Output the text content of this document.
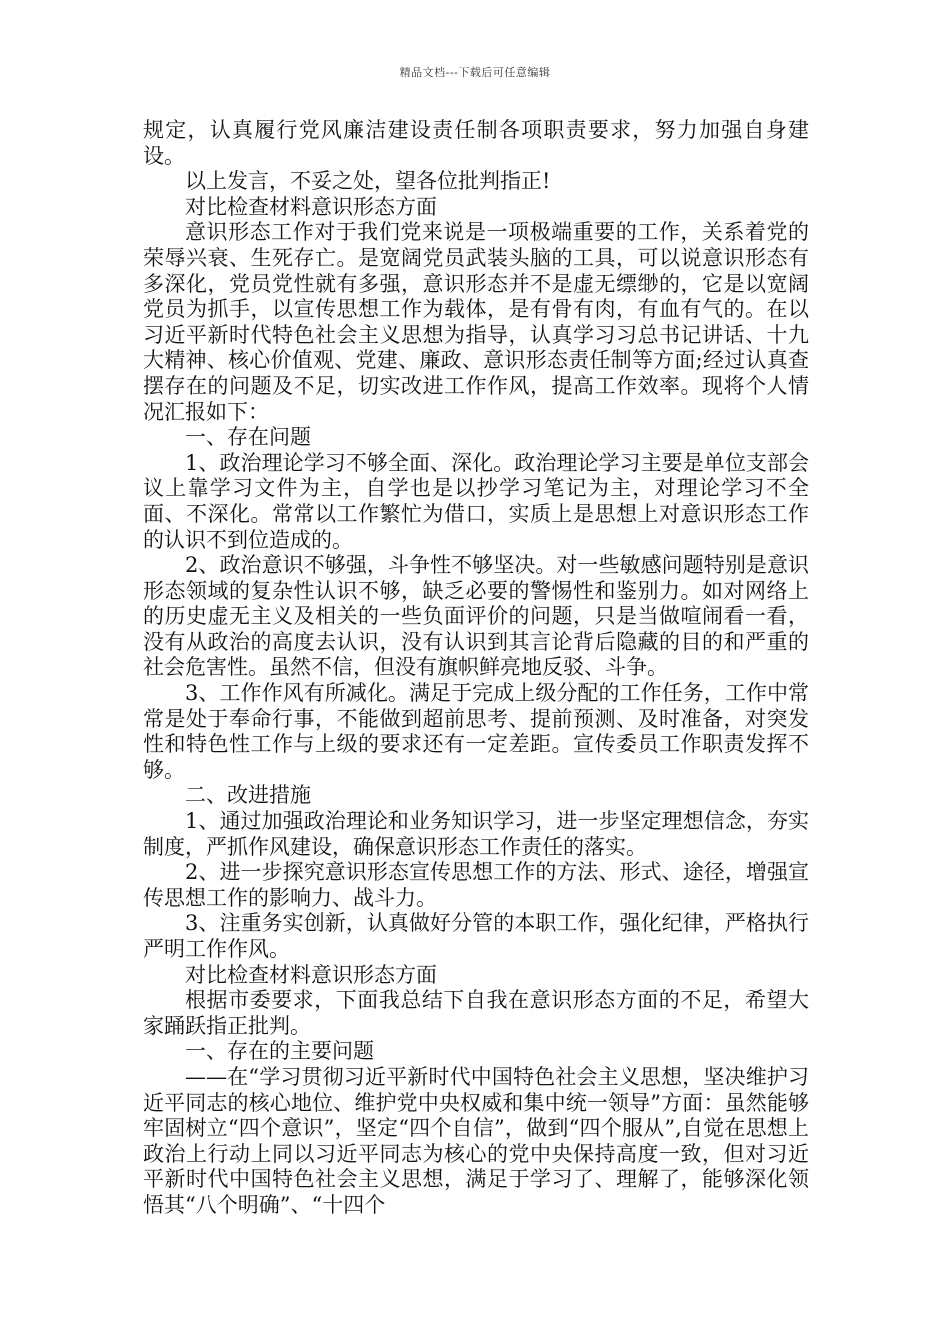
精品文档---下载后可任意编辑

规定，认真履行党风廉洁建设责任制各项职责要求，努力加强自身建设。

以上发言，不妥之处，望各位批判指正!

对比检查材料意识形态方面

意识形态工作对于我们党来说是一项极端重要的工作，关系着党的荣辱兴衰、生死存亡。是宽阔党员武装头脑的工具，可以说意识形态有多深化，党员党性就有多强，意识形态并不是虚无缥缈的，它是以宽阔党员为抓手，以宣传思想工作为载体，是有骨有肉，有血有气的。在以习近平新时代特色社会主义思想为指导，认真学习习总书记讲话、十九大精神、核心价值观、党建、廉政、意识形态责任制等方面;经过认真查摆存在的问题及不足，切实改进工作作风，提高工作效率。现将个人情况汇报如下：

一、存在问题

1、政治理论学习不够全面、深化。政治理论学习主要是单位支部会议上靠学习文件为主，自学也是以抄学习笔记为主，对理论学习不全面、不深化。常常以工作繁忙为借口，实质上是思想上对意识形态工作的认识不到位造成的。

2、政治意识不够强，斗争性不够坚决。对一些敏感问题特别是意识形态领域的复杂性认识不够，缺乏必要的警惕性和鉴别力。如对网络上的历史虚无主义及相关的一些负面评价的问题，只是当做喧闹看一看，没有从政治的高度去认识，没有认识到其言论背后隐藏的目的和严重的社会危害性。虽然不信，但没有旗帜鲜亮地反驳、斗争。

3、工作作风有所减化。满足于完成上级分配的工作任务，工作中常常是处于奉命行事，不能做到超前思考、提前预测、及时准备，对突发性和特色性工作与上级的要求还有一定差距。宣传委员工作职责发挥不够。

二、改进措施

1、通过加强政治理论和业务知识学习，进一步坚定理想信念，夯实制度，严抓作风建设，确保意识形态工作责任的落实。

2、进一步探究意识形态宣传思想工作的方法、形式、途径，增强宣传思想工作的影响力、战斗力。

3、注重务实创新，认真做好分管的本职工作，强化纪律，严格执行严明工作作风。

对比检查材料意识形态方面

根据市委要求，下面我总结下自我在意识形态方面的不足，希望大家踊跃指正批判。

一、存在的主要问题

——在“学习贯彻习近平新时代中国特色社会主义思想，坚决维护习近平同志的核心地位、维护党中央权威和集中统一领导”方面：虽然能够牢固树立“四个意识”，坚定“四个自信”，做到“四个服从”,自觉在思想上政治上行动上同以习近平同志为核心的党中央保持高度一致，但对习近平新时代中国特色社会主义思想，满足于学习了、理解了，能够深化领悟其“八个明确”、“十四个
